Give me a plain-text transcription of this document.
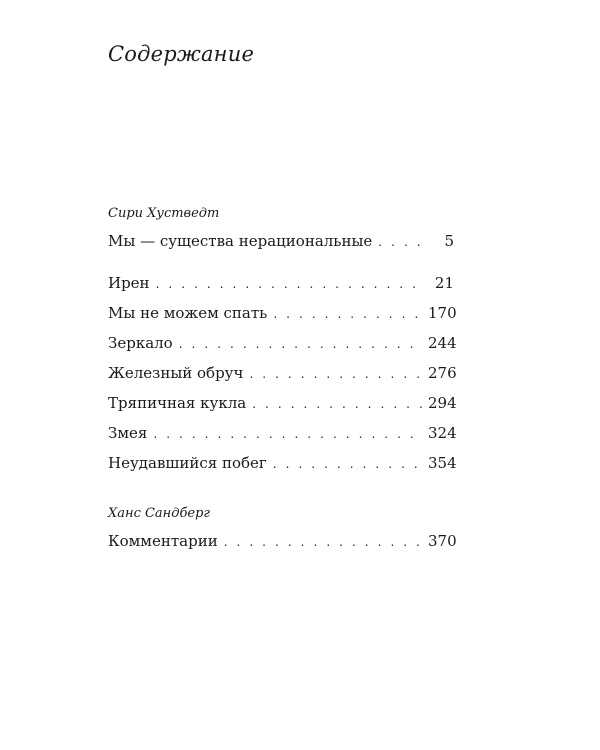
Содержание
Сири Хустведт
Мы — существа нерациональные . . .	5
Ирен . . .	21
Мы не можем спать . . .	170
Зеркало . . .	244
Железный обруч . . .	276
Тряпичная кукла . . .	294
Змея . . .	324
Неудавшийся побег . . .	354
Ханс Сандберг
Комментарии . . .	370
